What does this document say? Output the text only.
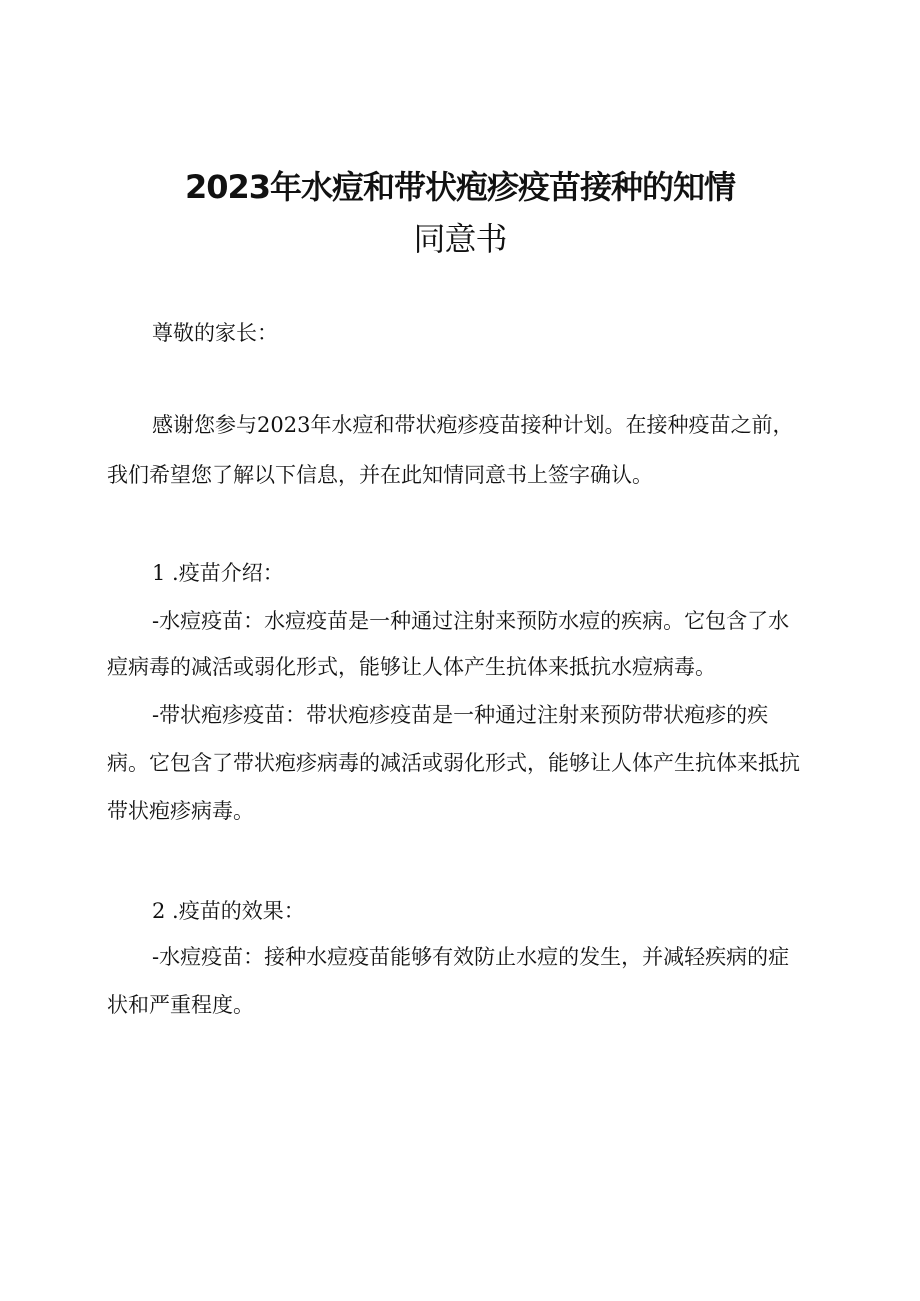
2023年水痘和带状疱疹疫苗接种的知情
同意书
尊敬的家长：
感谢您参与2023年水痘和带状疱疹疫苗接种计划。在接种疫苗之前，
我们希望您了解以下信息，并在此知情同意书上签字确认。
1 .疫苗介绍：
-水痘疫苗：水痘疫苗是一种通过注射来预防水痘的疾病。它包含了水
痘病毒的减活或弱化形式，能够让人体产生抗体来抵抗水痘病毒。
-带状疱疹疫苗：带状疱疹疫苗是一种通过注射来预防带状疱疹的疾
病。它包含了带状疱疹病毒的减活或弱化形式，能够让人体产生抗体来抵抗
带状疱疹病毒。
2 .疫苗的效果：
-水痘疫苗：接种水痘疫苗能够有效防止水痘的发生，并减轻疾病的症
状和严重程度。
